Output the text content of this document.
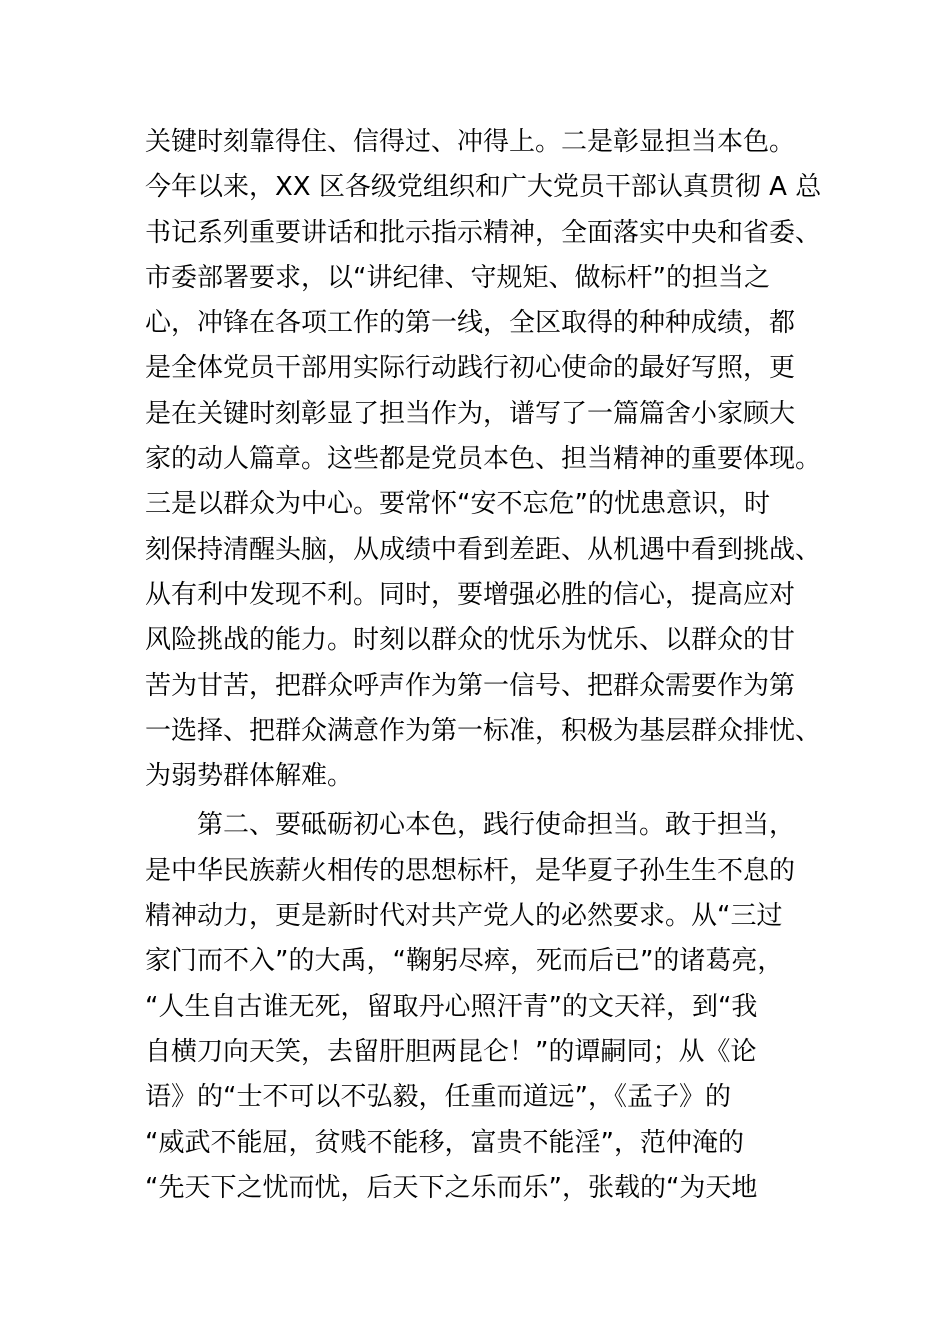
关键时刻靠得住、信得过、冲得上。二是彰显担当本色。
今年以来，XX 区各级党组织和广大党员干部认真贯彻 A 总
书记系列重要讲话和批示指示精神，全面落实中央和省委、
市委部署要求，以“讲纪律、守规矩、做标杆”的担当之
心，冲锋在各项工作的第一线，全区取得的种种成绩，都
是全体党员干部用实际行动践行初心使命的最好写照，更
是在关键时刻彰显了担当作为，谱写了一篇篇舍小家顾大
家的动人篇章。这些都是党员本色、担当精神的重要体现。
三是以群众为中心。要常怀“安不忘危”的忧患意识，时
刻保持清醒头脑，从成绩中看到差距、从机遇中看到挑战、
从有利中发现不利。同时，要增强必胜的信心，提高应对
风险挑战的能力。时刻以群众的忧乐为忧乐、以群众的甘
苦为甘苦，把群众呼声作为第一信号、把群众需要作为第
一选择、把群众满意作为第一标准，积极为基层群众排忧、
为弱势群体解难。
　　第二、要砥砺初心本色，践行使命担当。敢于担当，
是中华民族薪火相传的思想标杆，是华夏子孙生生不息的
精神动力，更是新时代对共产党人的必然要求。从“三过
家门而不入”的大禹，“鞠躬尽瘁，死而后已”的诸葛亮，
“人生自古谁无死，留取丹心照汗青”的文天祥，到“我
自横刀向天笑，去留肝胆两昆仑！”的谭嗣同；从《论
语》的“士不可以不弘毅，任重而道远”，《孟子》的
“威武不能屈，贫贱不能移，富贵不能淫”，范仲淹的
“先天下之忧而忧，后天下之乐而乐”，张载的“为天地
